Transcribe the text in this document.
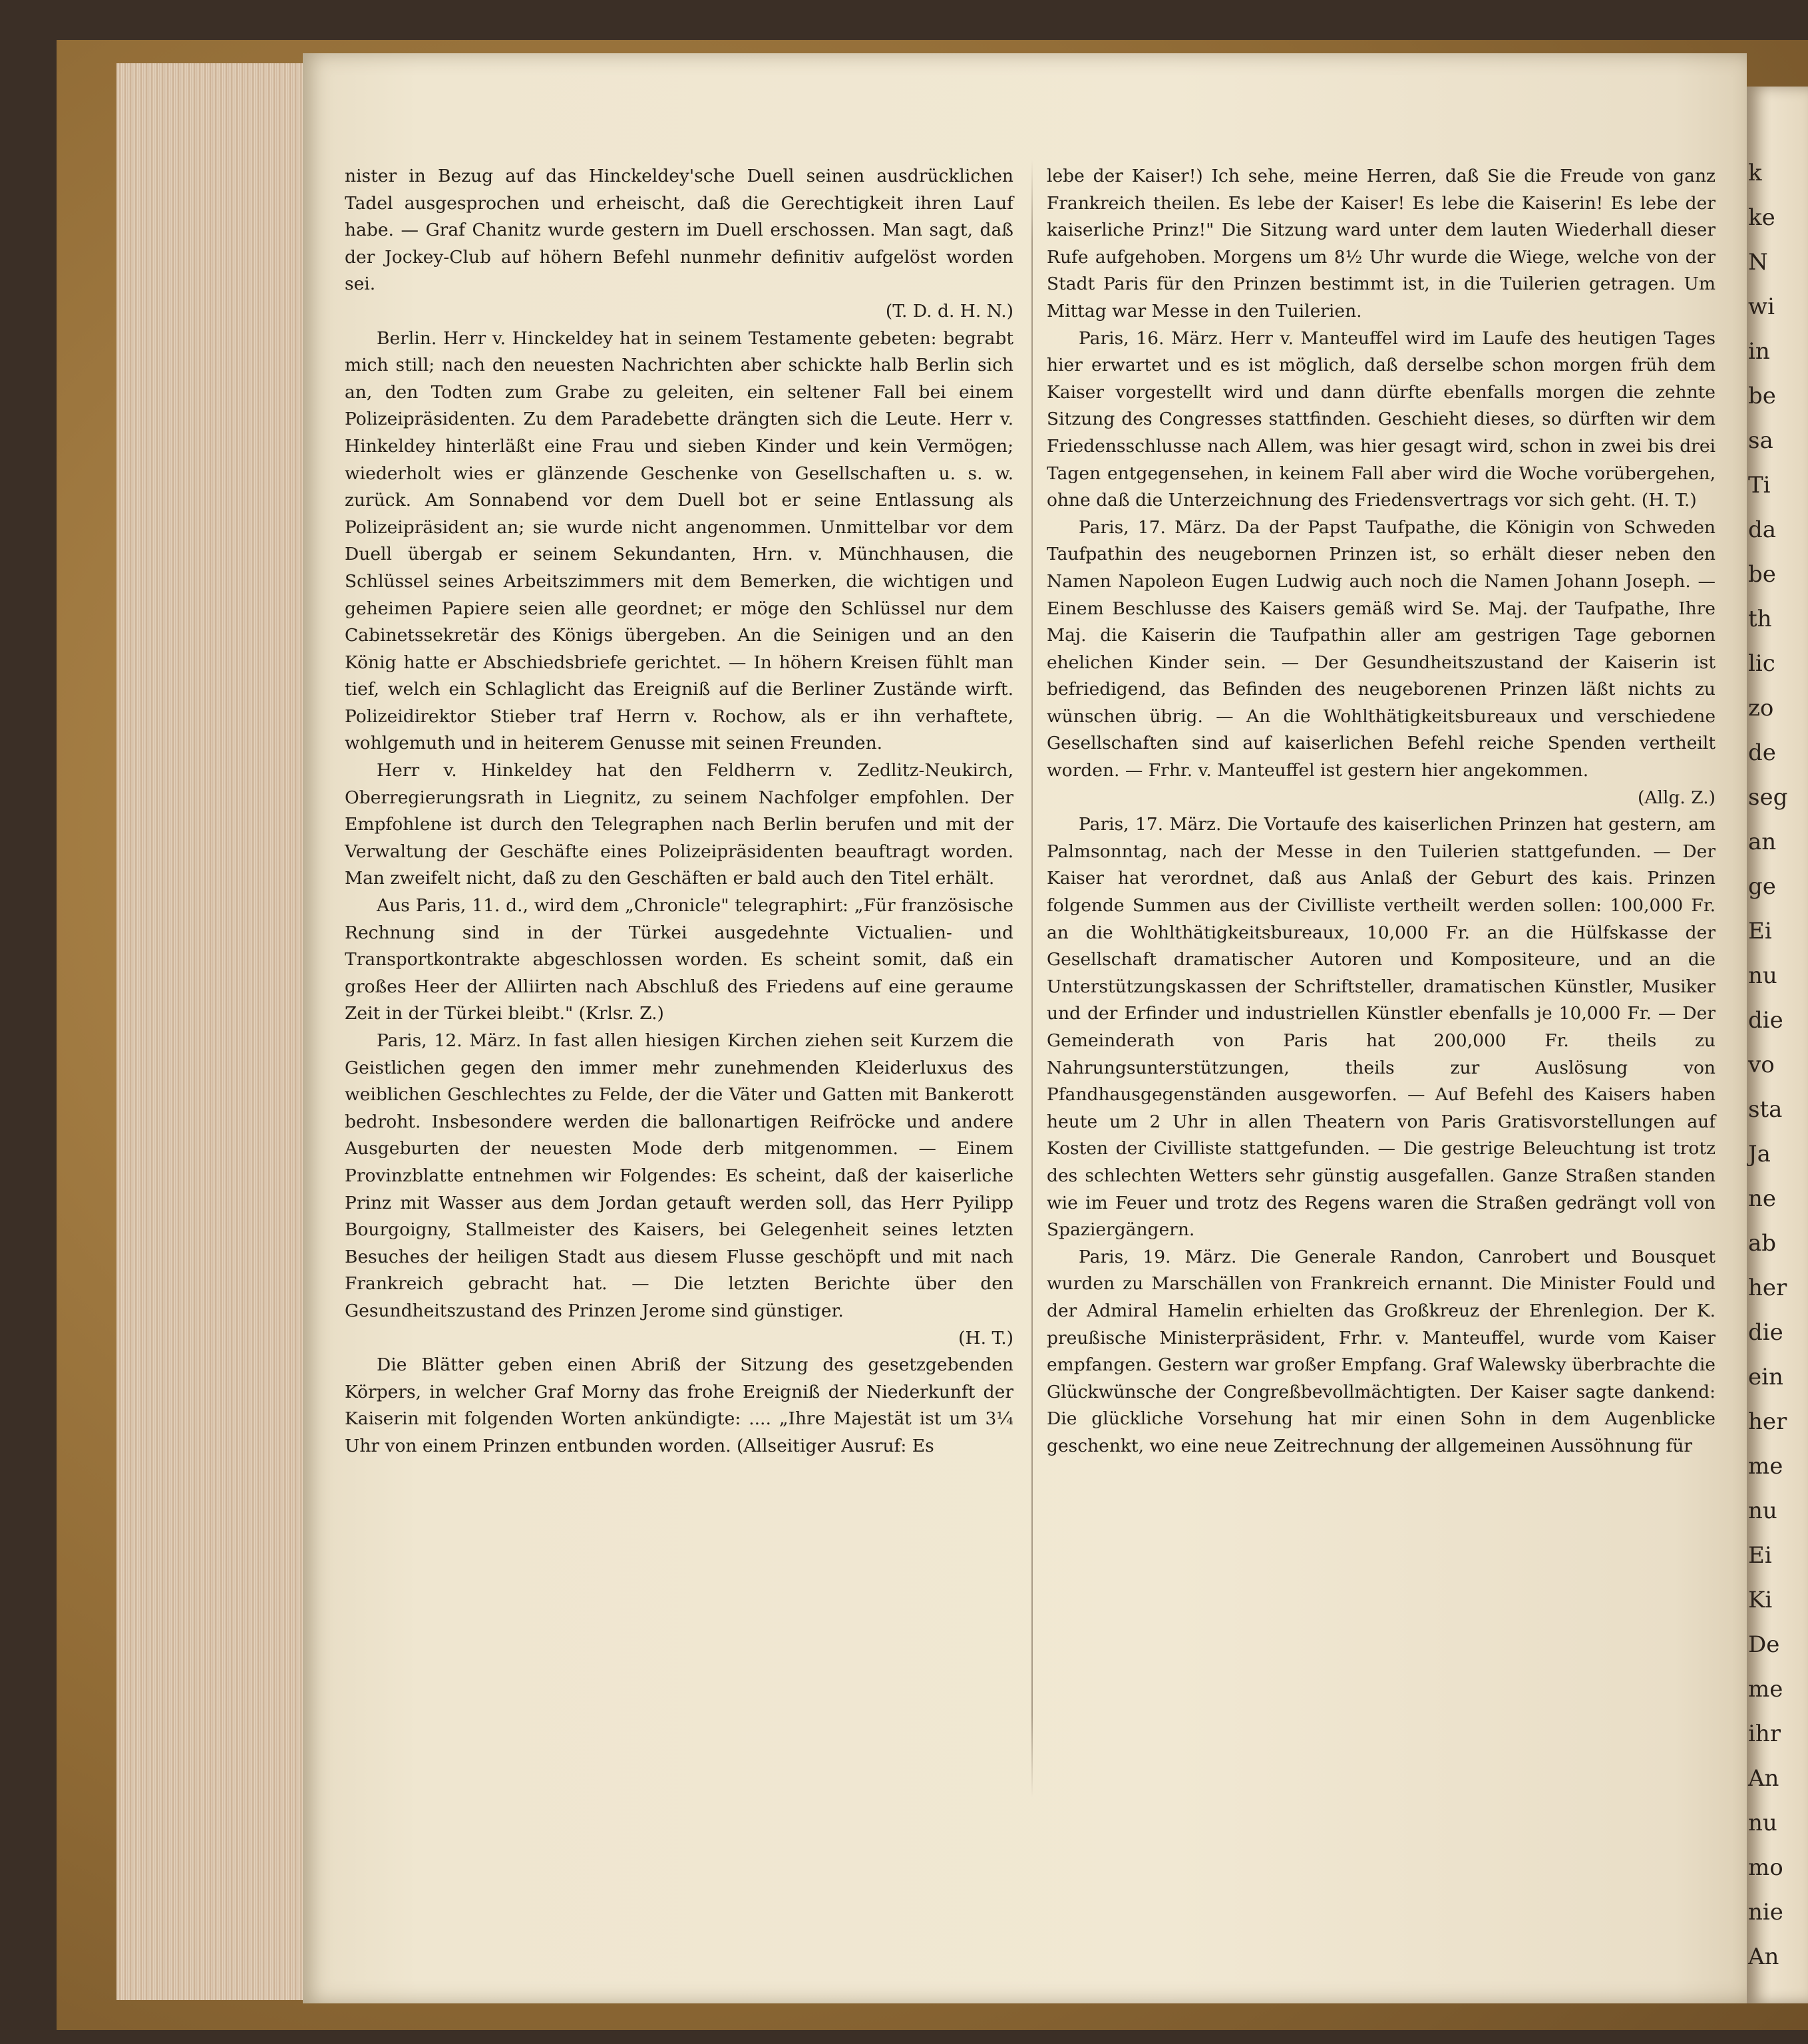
nister in Bezug auf das Hinckeldey'sche Duell seinen ausdrücklichen Tadel ausgesprochen und erheischt, daß die Gerechtigkeit ihren Lauf habe. — Graf Chanitz wurde gestern im Duell erschossen. Man sagt, daß der Jockey-Club auf höhern Befehl nunmehr definitiv aufgelöst worden sei.

(T. D. d. H. N.)

Berlin. Herr v. Hinckeldey hat in seinem Testamente gebeten: begrabt mich still; nach den neuesten Nachrichten aber schickte halb Berlin sich an, den Todten zum Grabe zu geleiten, ein seltener Fall bei einem Polizeipräsidenten. Zu dem Paradebette drängten sich die Leute. Herr v. Hinkeldey hinterläßt eine Frau und sieben Kinder und kein Vermögen; wiederholt wies er glänzende Geschenke von Gesellschaften u. s. w. zurück. Am Sonnabend vor dem Duell bot er seine Entlassung als Polizeipräsident an; sie wurde nicht angenommen. Unmittelbar vor dem Duell übergab er seinem Sekundanten, Hrn. v. Münchhausen, die Schlüssel seines Arbeitszimmers mit dem Bemerken, die wichtigen und geheimen Papiere seien alle geordnet; er möge den Schlüssel nur dem Cabinetssekretär des Königs übergeben. An die Seinigen und an den König hatte er Abschiedsbriefe gerichtet. — In höhern Kreisen fühlt man tief, welch ein Schlaglicht das Ereigniß auf die Berliner Zustände wirft. Polizeidirektor Stieber traf Herrn v. Rochow, als er ihn verhaftete, wohlgemuth und in heiterem Genusse mit seinen Freunden.

Herr v. Hinkeldey hat den Feldherrn v. Zedlitz-Neukirch, Oberregierungsrath in Liegnitz, zu seinem Nachfolger empfohlen. Der Empfohlene ist durch den Telegraphen nach Berlin berufen und mit der Verwaltung der Geschäfte eines Polizeipräsidenten beauftragt worden. Man zweifelt nicht, daß zu den Geschäften er bald auch den Titel erhält.

Aus Paris, 11. d., wird dem „Chronicle" telegraphirt: „Für französische Rechnung sind in der Türkei ausgedehnte Victualien- und Transportkontrakte abgeschlossen worden. Es scheint somit, daß ein großes Heer der Alliirten nach Abschluß des Friedens auf eine geraume Zeit in der Türkei bleibt." (Krlsr. Z.)

Paris, 12. März. In fast allen hiesigen Kirchen ziehen seit Kurzem die Geistlichen gegen den immer mehr zunehmenden Kleiderluxus des weiblichen Geschlechtes zu Felde, der die Väter und Gatten mit Bankerott bedroht. Insbesondere werden die ballonartigen Reifröcke und andere Ausgeburten der neuesten Mode derb mitgenommen. — Einem Provinzblatte entnehmen wir Folgendes: Es scheint, daß der kaiserliche Prinz mit Wasser aus dem Jordan getauft werden soll, das Herr Pyilipp Bourgoigny, Stallmeister des Kaisers, bei Gelegenheit seines letzten Besuches der heiligen Stadt aus diesem Flusse geschöpft und mit nach Frankreich gebracht hat. — Die letzten Berichte über den Gesundheitszustand des Prinzen Jerome sind günstiger.

(H. T.)

Die Blätter geben einen Abriß der Sitzung des gesetzgebenden Körpers, in welcher Graf Morny das frohe Ereigniß der Niederkunft der Kaiserin mit folgenden Worten ankündigte: .... „Ihre Majestät ist um 3¼ Uhr von einem Prinzen entbunden worden. (Allseitiger Ausruf: Es

lebe der Kaiser!) Ich sehe, meine Herren, daß Sie die Freude von ganz Frankreich theilen. Es lebe der Kaiser! Es lebe die Kaiserin! Es lebe der kaiserliche Prinz!" Die Sitzung ward unter dem lauten Wiederhall dieser Rufe aufgehoben. Morgens um 8½ Uhr wurde die Wiege, welche von der Stadt Paris für den Prinzen bestimmt ist, in die Tuilerien getragen. Um Mittag war Messe in den Tuilerien.

Paris, 16. März. Herr v. Manteuffel wird im Laufe des heutigen Tages hier erwartet und es ist möglich, daß derselbe schon morgen früh dem Kaiser vorgestellt wird und dann dürfte ebenfalls morgen die zehnte Sitzung des Congresses stattfinden. Geschieht dieses, so dürften wir dem Friedensschlusse nach Allem, was hier gesagt wird, schon in zwei bis drei Tagen entgegensehen, in keinem Fall aber wird die Woche vorübergehen, ohne daß die Unterzeichnung des Friedensvertrags vor sich geht. (H. T.)

Paris, 17. März. Da der Papst Taufpathe, die Königin von Schweden Taufpathin des neugebornen Prinzen ist, so erhält dieser neben den Namen Napoleon Eugen Ludwig auch noch die Namen Johann Joseph. — Einem Beschlusse des Kaisers gemäß wird Se. Maj. der Taufpathe, Ihre Maj. die Kaiserin die Taufpathin aller am gestrigen Tage gebornen ehelichen Kinder sein. — Der Gesundheitszustand der Kaiserin ist befriedigend, das Befinden des neugeborenen Prinzen läßt nichts zu wünschen übrig. — An die Wohlthätigkeitsbureaux und verschiedene Gesellschaften sind auf kaiserlichen Befehl reiche Spenden vertheilt worden. — Frhr. v. Manteuffel ist gestern hier angekommen.

(Allg. Z.)

Paris, 17. März. Die Vortaufe des kaiserlichen Prinzen hat gestern, am Palmsonntag, nach der Messe in den Tuilerien stattgefunden. — Der Kaiser hat verordnet, daß aus Anlaß der Geburt des kais. Prinzen folgende Summen aus der Civilliste vertheilt werden sollen: 100,000 Fr. an die Wohlthätigkeitsbureaux, 10,000 Fr. an die Hülfskasse der Gesellschaft dramatischer Autoren und Kompositeure, und an die Unterstützungskassen der Schriftsteller, dramatischen Künstler, Musiker und der Erfinder und industriellen Künstler ebenfalls je 10,000 Fr. — Der Gemeinderath von Paris hat 200,000 Fr. theils zu Nahrungsunterstützungen, theils zur Auslösung von Pfandhausgegenständen ausgeworfen. — Auf Befehl des Kaisers haben heute um 2 Uhr in allen Theatern von Paris Gratisvorstellungen auf Kosten der Civilliste stattgefunden. — Die gestrige Beleuchtung ist trotz des schlechten Wetters sehr günstig ausgefallen. Ganze Straßen standen wie im Feuer und trotz des Regens waren die Straßen gedrängt voll von Spaziergängern.

Paris, 19. März. Die Generale Randon, Canrobert und Bousquet wurden zu Marschällen von Frankreich ernannt. Die Minister Fould und der Admiral Hamelin erhielten das Großkreuz der Ehrenlegion. Der K. preußische Ministerpräsident, Frhr. v. Manteuffel, wurde vom Kaiser empfangen. Gestern war großer Empfang. Graf Walewsky überbrachte die Glückwünsche der Congreßbevollmächtigten. Der Kaiser sagte dankend: Die glückliche Vorsehung hat mir einen Sohn in dem Augenblicke geschenkt, wo eine neue Zeitrechnung der allgemeinen Aussöhnung für

k
ke
N
wi
in
be
sa
Ti
da
be
th
lic
zo
de
seg
an
ge
Ei
nu
die
vo
sta
Ja
ne
ab
her
die
ein
her
me
nu
Ei
Ki
De
me
ihr
An
nu
mo
nie
An
